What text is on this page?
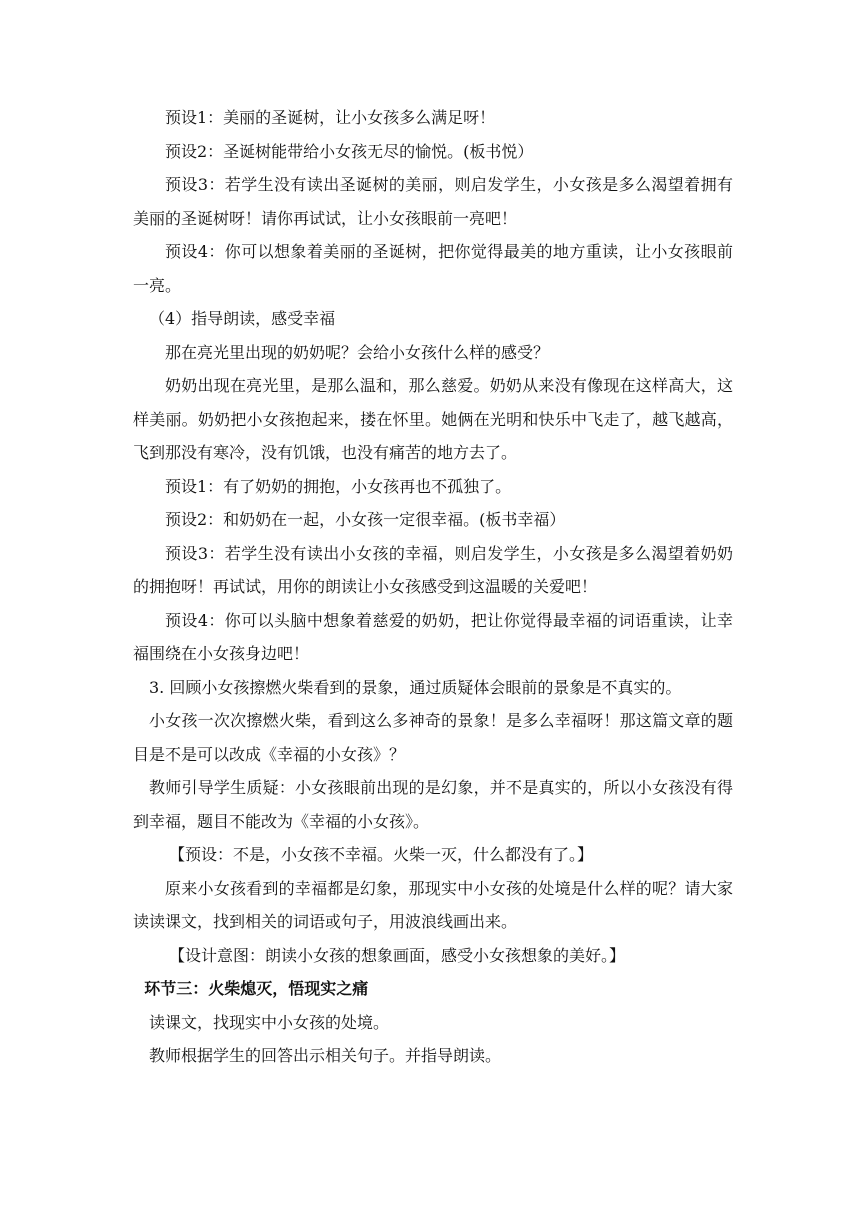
预设1：美丽的圣诞树，让小女孩多么满足呀！

预设2：圣诞树能带给小女孩无尽的愉悦。(板书悦）

预设3：若学生没有读出圣诞树的美丽，则启发学生，小女孩是多么渴望着拥有美丽的圣诞树呀！请你再试试，让小女孩眼前一亮吧！

预设4：你可以想象着美丽的圣诞树，把你觉得最美的地方重读，让小女孩眼前一亮。

（4）指导朗读，感受幸福

那在亮光里出现的奶奶呢？会给小女孩什么样的感受？

奶奶出现在亮光里，是那么温和，那么慈爱。奶奶从来没有像现在这样高大，这样美丽。奶奶把小女孩抱起来，搂在怀里。她俩在光明和快乐中飞走了，越飞越高，飞到那没有寒冷，没有饥饿，也没有痛苦的地方去了。

预设1：有了奶奶的拥抱，小女孩再也不孤独了。

预设2：和奶奶在一起，小女孩一定很幸福。(板书幸福）

预设3：若学生没有读出小女孩的幸福，则启发学生，小女孩是多么渴望着奶奶的拥抱呀！再试试，用你的朗读让小女孩感受到这温暖的关爱吧！

预设4：你可以头脑中想象着慈爱的奶奶，把让你觉得最幸福的词语重读，让幸福围绕在小女孩身边吧！

3. 回顾小女孩擦燃火柴看到的景象，通过质疑体会眼前的景象是不真实的。

小女孩一次次擦燃火柴，看到这么多神奇的景象！是多么幸福呀！那这篇文章的题目是不是可以改成《幸福的小女孩》？

教师引导学生质疑：小女孩眼前出现的是幻象，并不是真实的，所以小女孩没有得到幸福，题目不能改为《幸福的小女孩》。

【预设：不是，小女孩不幸福。火柴一灭，什么都没有了。】

原来小女孩看到的幸福都是幻象，那现实中小女孩的处境是什么样的呢？请大家读读课文，找到相关的词语或句子，用波浪线画出来。

【设计意图：朗读小女孩的想象画面，感受小女孩想象的美好。】

环节三：火柴熄灭，悟现实之痛

读课文，找现实中小女孩的处境。

教师根据学生的回答出示相关句子。并指导朗读。
